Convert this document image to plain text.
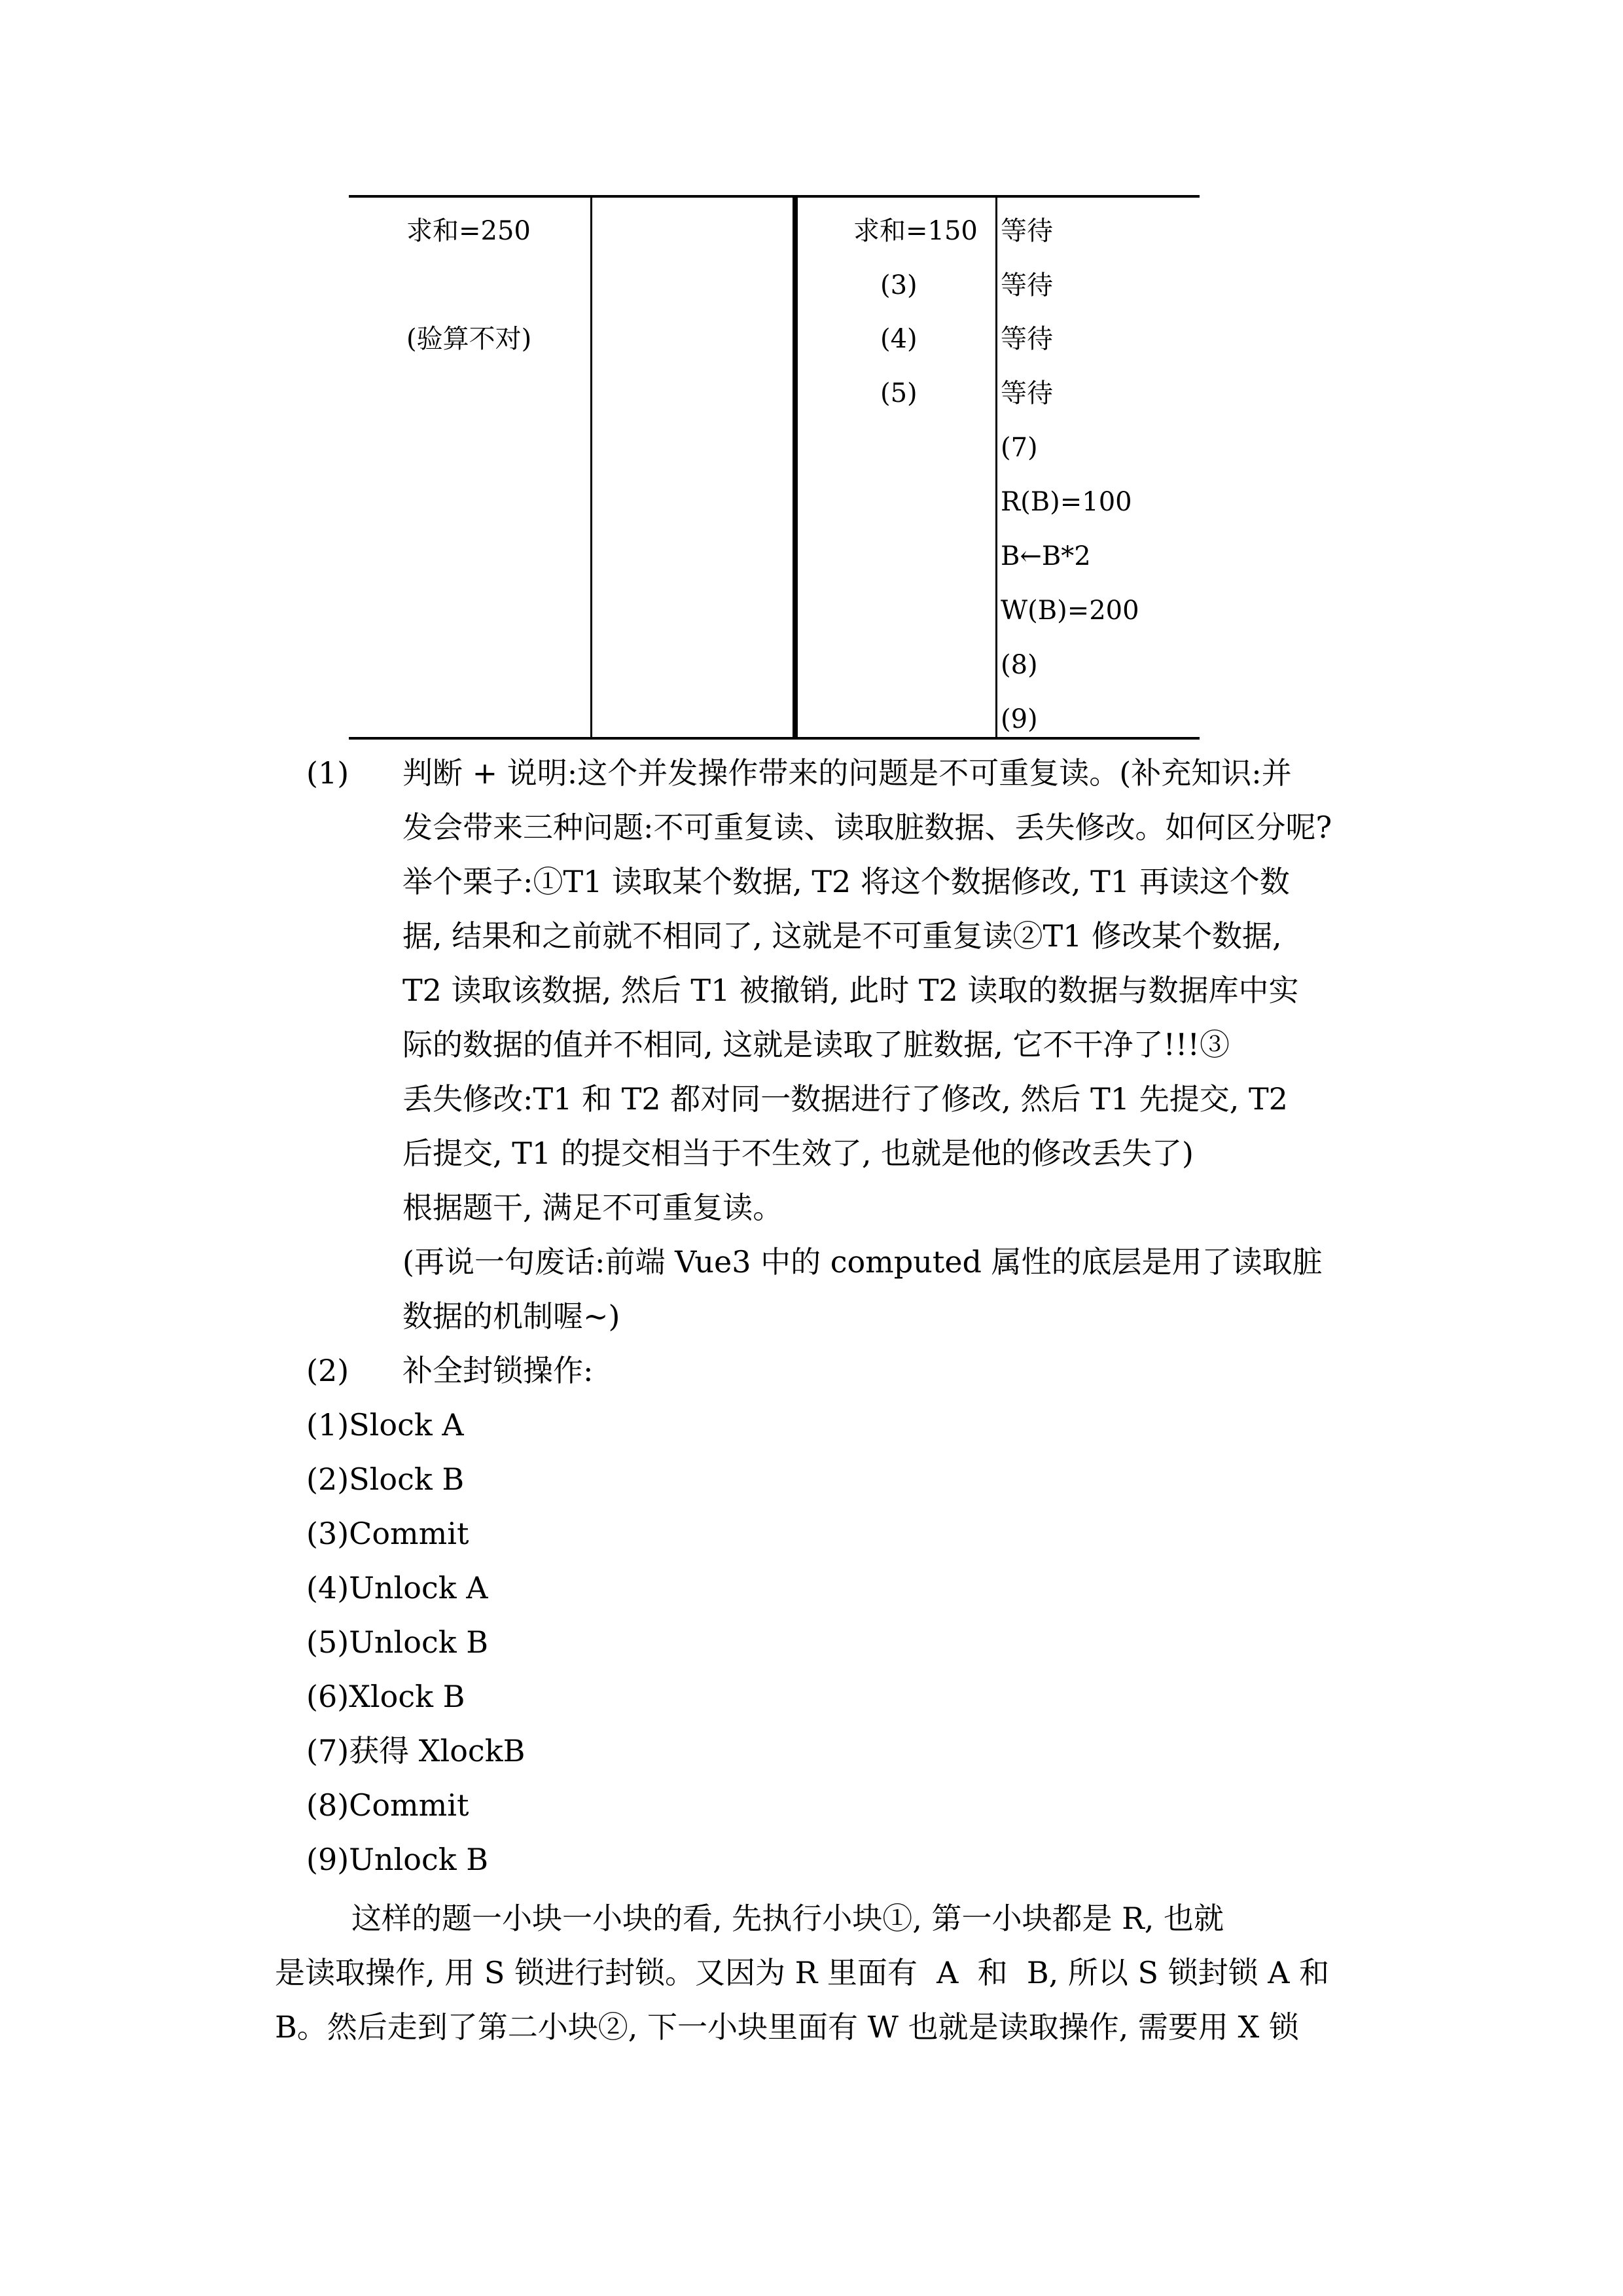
求和=250
(验算不对)
求和=150
(3)
(4)
(5)
等待
等待
等待
等待
(7)
R(B)=100
B←B*2
W(B)=200
(8)
(9)
(1) 判断 + 说明:这个并发操作带来的问题是不可重复读。(补充知识:并
发会带来三种问题:不可重复读、读取脏数据、丢失修改。如何区分呢?
举个栗子:①T1 读取某个数据, T2 将这个数据修改, T1 再读这个数
据, 结果和之前就不相同了, 这就是不可重复读②T1 修改某个数据,
T2 读取该数据, 然后 T1 被撤销, 此时 T2 读取的数据与数据库中实
际的数据的值并不相同, 这就是读取了脏数据, 它不干净了!!!③
丢失修改:T1 和 T2 都对同一数据进行了修改, 然后 T1 先提交, T2
后提交, T1 的提交相当于不生效了, 也就是他的修改丢失了)
根据题干, 满足不可重复读。
(再说一句废话:前端 Vue3 中的 computed 属性的底层是用了读取脏
数据的机制喔~)
(2) 补全封锁操作:
(1)Slock A
(2)Slock B
(3)Commit
(4)Unlock A
(5)Unlock B
(6)Xlock B
(7)获得 XlockB
(8)Commit
(9)Unlock B
这样的题一小块一小块的看, 先执行小块①, 第一小块都是 R, 也就
是读取操作, 用 S 锁进行封锁。又因为 R 里面有  A  和  B, 所以 S 锁封锁 A 和
B。然后走到了第二小块②, 下一小块里面有 W 也就是读取操作, 需要用 X 锁
